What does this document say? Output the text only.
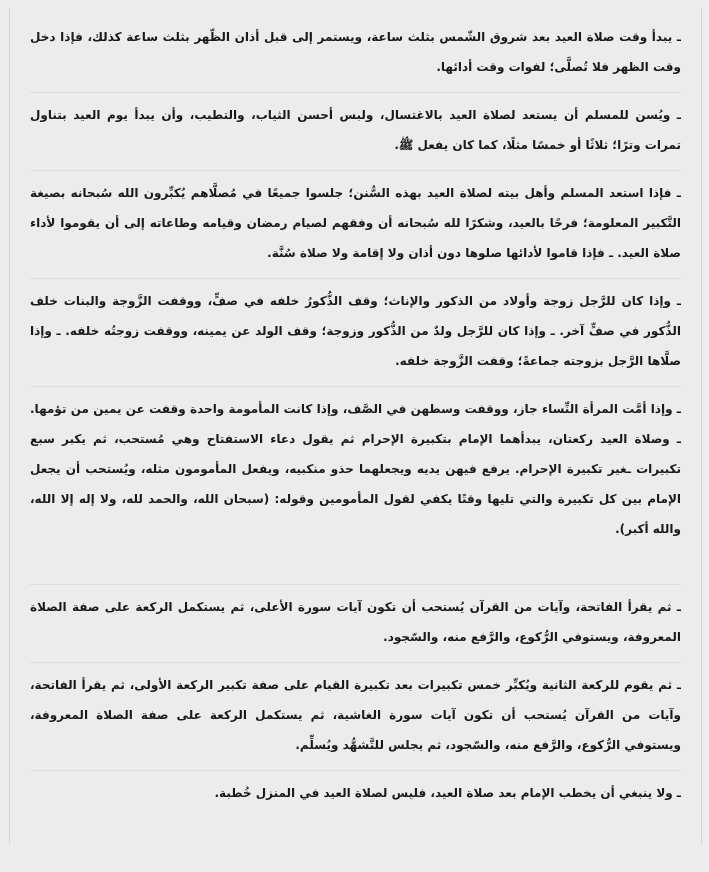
ـ يبدأ وقت صلاة العيد بعد شروق الشّمس بثلث ساعة، ويستمر إلى قبل أذان الظّهر بثلث ساعة كذلك، فإذا دخل وقت الظهر فلا تُصلَّى؛ لفوات وقت أدائها.

ـ ويُسن للمسلم أن يستعد لصلاة العيد بالاغتسال، ولبس أحسن الثياب، والتطيب، وأن يبدأ يوم العيد بتناول تمرات وترًا؛ ثلاثًا أو خمسًا مثلًا، كما كان يفعل ﷺ.

ـ فإذا استعد المسلم وأهل بيته لصلاة العيد بهذه السُّنن؛ جلسوا جميعًا في مُصلَّاهم يُكبِّرون الله سُبحانه بصيغة التَّكبير المعلومة؛ فرحًا بالعيد، وشكرًا لله سُبحانه أن وفقهم لصيام رمضان وقيامه وطاعاته إلى أن يقوموا لأداء صلاة العيد. ـ فإذا قاموا لأدائها صلوها دون أذان ولا إقامة ولا صلاة سُنَّة.

ـ وإذا كان للرَّجل زوجة وأولاد من الذكور والإناث؛ وقف الذُّكورُ خلفه في صفٍّ، ووقفت الزَّوجة والبنات خلف الذُّكور في صفٍّ آخر. ـ وإذا كان للرَّجل ولدٌ من الذُّكور وزوجة؛ وقف الولد عن يمينه، ووقفت زوجتُه خلفه. ـ وإذا صلَّاها الرَّجل بزوجته جماعةً؛ وقفت الزَّوجة خلفه.

ـ وإذا أمَّت المرأة النِّساء جاز، ووقفت وسطهن في الصَّف، وإذا كانت المأمومة واحدة وقفت عن يمين من تؤمها. ـ وصلاة العيد ركعتان، يبدأهما الإمام بتكبيرة الإحرام ثم يقول دعاء الاستفتاح وهي مُستحب، ثم يكبر سبع تكبيرات ـغير تكبيرة الإحرام. يرفع فيهن يديه ويجعلهما حذو منكبيه، ويفعل المأمومون مثله، ويُستحب أن يجعل الإمام بين كل تكبيرة والتي تليها وقتًا يكفي لقول المأمومين وقوله: (سبحان الله، والحمد لله، ولا إله إلا الله، والله أكبر).

ـ ثم يقرأ الفاتحة، وآيات من القرآن يُستحب أن تكون آيات سورة الأعلى، ثم يستكمل الركعة على صفة الصلاة المعروفة، ويستوفي الرُّكوع، والرَّفع منه، والسّجود.

ـ ثم يقوم للركعة الثانية ويُكبِّر خمس تكبيرات بعد تكبيرة القيام على صفة تكبير الركعة الأولى، ثم يقرأ الفاتحة، وآيات من القرآن يُستحب أن تكون آيات سورة الغاشية، ثم يستكمل الركعة على صفة الصلاة المعروفة، ويستوفي الرُّكوع، والرَّفع منه، والسّجود، ثم يجلس للتَّشهُّد ويُسلِّم.

ـ ولا ينبغي أن يخطب الإمام بعد صلاة العيد، فليس لصلاة العيد في المنزل خُطبة.
